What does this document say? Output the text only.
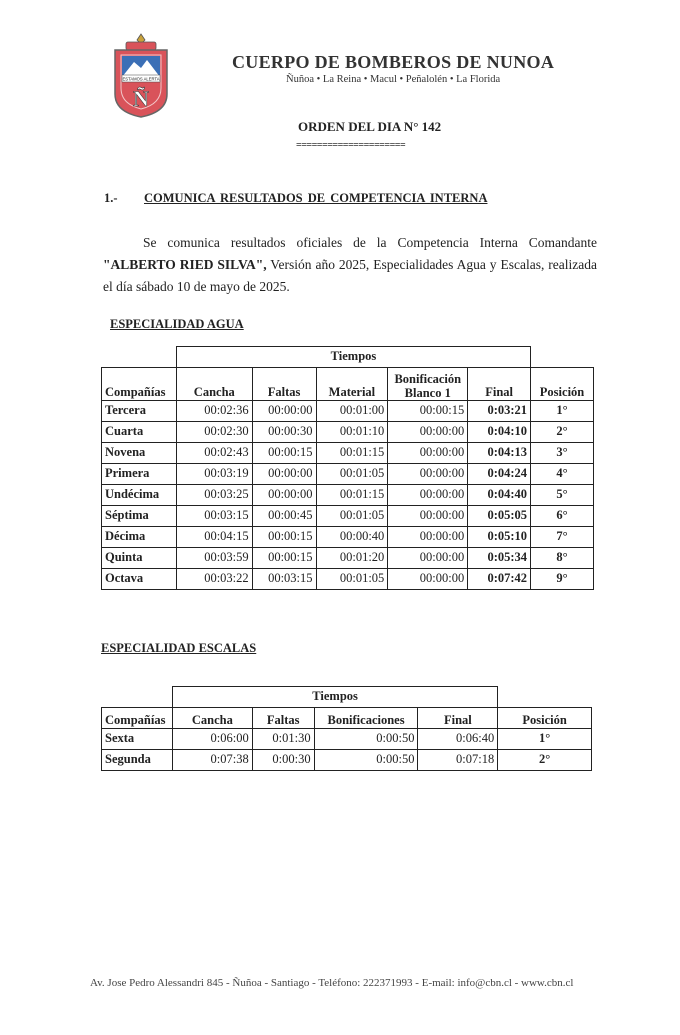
ESTAMOS ALERTA
Ñ
CUERPO DE BOMBEROS DE NUNOA
Ñuñoa • La Reina • Macul • Peñalolén • La Florida
ORDEN DEL DIA N° 142
=====================
1.- COMUNICA RESULTADOS DE COMPETENCIA INTERNA
Se comunica resultados oficiales de la Competencia Interna Comandante "ALBERTO RIED SILVA", Versión año 2025, Especialidades Agua y Escalas, realizada el día sábado 10 de mayo de 2025.
ESPECIALIDAD AGUA
	Tiempos					
Compañías	Cancha	Faltas	Material	Bonificación Blanco 1	Final	Posición
Tercera	00:02:36	00:00:00	00:01:00	00:00:15	0:03:21	1°
Cuarta	00:02:30	00:00:30	00:01:10	00:00:00	0:04:10	2°
Novena	00:02:43	00:00:15	00:01:15	00:00:00	0:04:13	3°
Primera	00:03:19	00:00:00	00:01:05	00:00:00	0:04:24	4°
Undécima	00:03:25	00:00:00	00:01:15	00:00:00	0:04:40	5°
Séptima	00:03:15	00:00:45	00:01:05	00:00:00	0:05:05	6°
Décima	00:04:15	00:00:15	00:00:40	00:00:00	0:05:10	7°
Quinta	00:03:59	00:00:15	00:01:20	00:00:00	0:05:34	8°
Octava	00:03:22	00:03:15	00:01:05	00:00:00	0:07:42	9°
ESPECIALIDAD ESCALAS
	Tiempos				
Compañías	Cancha	Faltas	Bonificaciones	Final	Posición
Sexta	0:06:00	0:01:30	0:00:50	0:06:40	1°
Segunda	0:07:38	0:00:30	0:00:50	0:07:18	2°
Av. Jose Pedro Alessandri 845 - Ñuñoa - Santiago - Teléfono: 222371993 - E-mail: info@cbn.cl - www.cbn.cl
